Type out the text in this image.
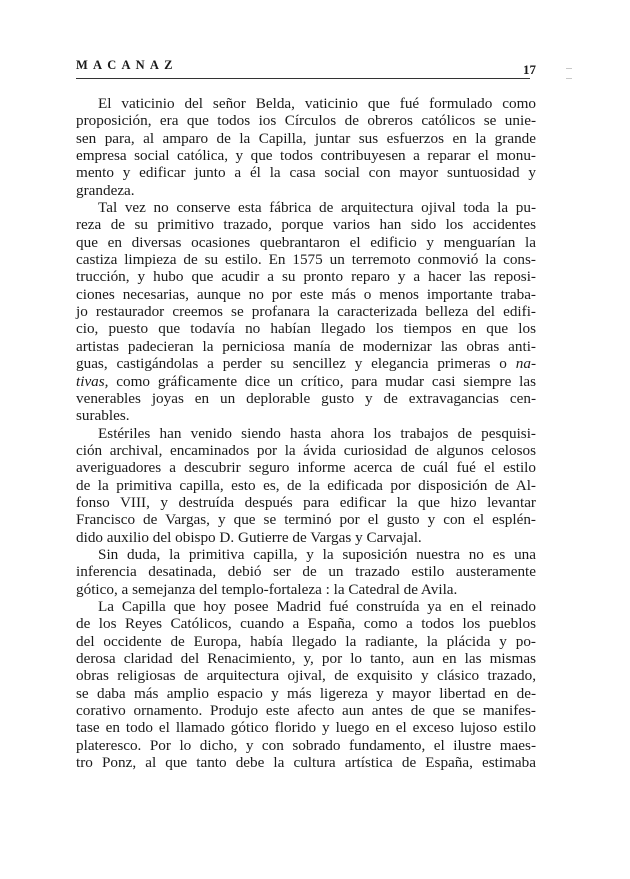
MACANAZ	17

El vaticinio del señor Belda, vaticinio que fué formulado como
proposición, era que todos ios Círculos de obreros católicos se unie-
sen para, al amparo de la Capilla, juntar sus esfuerzos en la grande
empresa social católica, y que todos contribuyesen a reparar el monu-
mento y edificar junto a él la casa social con mayor suntuosidad y
grandeza.

Tal vez no conserve esta fábrica de arquitectura ojival toda la pu-
reza de su primitivo trazado, porque varios han sido los accidentes
que en diversas ocasiones quebrantaron el edificio y menguarían la
castiza limpieza de su estilo. En 1575 un terremoto conmovió la cons-
trucción, y hubo que acudir a su pronto reparo y a hacer las reposi-
ciones necesarias, aunque no por este más o menos importante traba-
jo restaurador creemos se profanara la caracterizada belleza del edifi-
cio, puesto que todavía no habían llegado los tiempos en que los
artistas padecieran la perniciosa manía de modernizar las obras anti-
guas, castigándolas a perder su sencillez y elegancia primeras o na-
tivas, como gráficamente dice un crítico, para mudar casi siempre las
venerables joyas en un deplorable gusto y de extravagancias cen-
surables.

Estériles han venido siendo hasta ahora los trabajos de pesquisi-
ción archival, encaminados por la ávida curiosidad de algunos celosos
averiguadores a descubrir seguro informe acerca de cuál fué el estilo
de la primitiva capilla, esto es, de la edificada por disposición de Al-
fonso VIII, y destruída después para edificar la que hizo levantar
Francisco de Vargas, y que se terminó por el gusto y con el esplén-
dido auxilio del obispo D. Gutierre de Vargas y Carvajal.

Sin duda, la primitiva capilla, y la suposición nuestra no es una
inferencia desatinada, debió ser de un trazado estilo austeramente
gótico, a semejanza del templo-fortaleza : la Catedral de Avila.

La Capilla que hoy posee Madrid fué construída ya en el reinado
de los Reyes Católicos, cuando a España, como a todos los pueblos
del occidente de Europa, había llegado la radiante, la plácida y po-
derosa claridad del Renacimiento, y, por lo tanto, aun en las mismas
obras religiosas de arquitectura ojival, de exquisito y clásico trazado,
se daba más amplio espacio y más ligereza y mayor libertad en de-
corativo ornamento. Produjo este afecto aun antes de que se manifes-
tase en todo el llamado gótico florido y luego en el exceso lujoso estilo
plateresco. Por lo dicho, y con sobrado fundamento, el ilustre maes-
tro Ponz, al que tanto debe la cultura artística de España, estimaba
